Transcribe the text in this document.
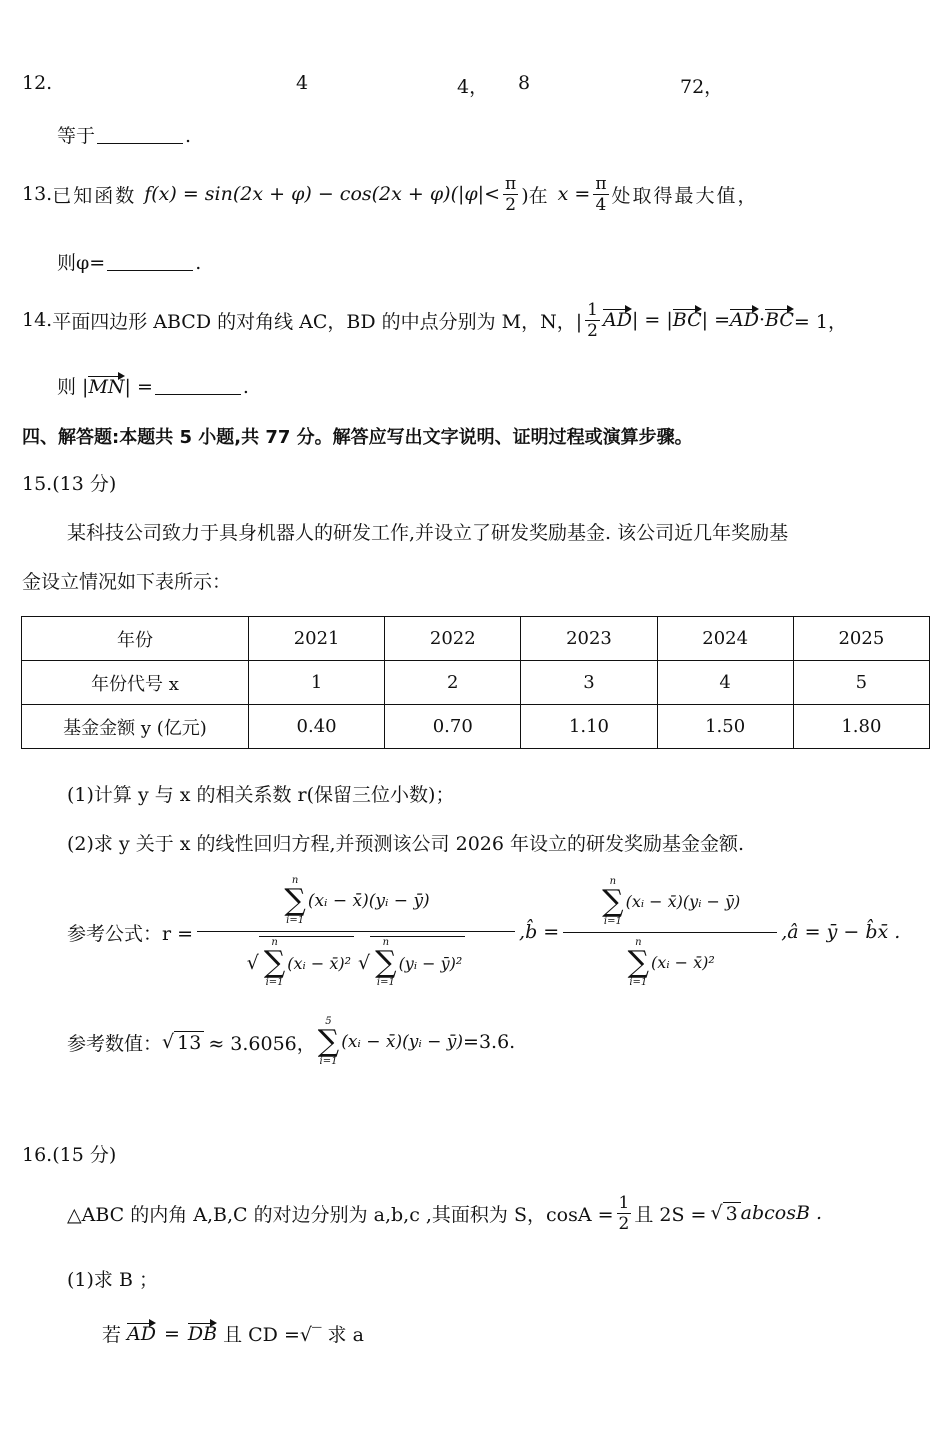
12.	4	4， 8	72，
等于	.
13. 已知函数 $f(x) = \sin(2x + \varphi) - \cos(2x + \varphi)(|\varphi|< \frac{\pi}{2}$ )在 $x = \frac{\pi}{4}$ 处取得最大值，
则φ=	.
14. 平面四边形 ABCD 的对角线 AC，BD 的中点分别为 M，N，| $\frac{1}{2}$ AD | = | BC | = AD · BC = 1，
则 |MN| =	.
四、解答题:本题共 5 小题,共 77 分。解答应写出文字说明、证明过程或演算步骤。
15.(13 分)
某科技公司致力于具身机器人的研发工作,并设立了研发奖励基金. 该公司近几年奖励基
金设立情况如下表所示：
年份	2021	2022	2023	2024	2025
年份代号 x	1	2	3	4	5
基金金额 y (亿元)	0.40	0.70	1.10	1.50	1.80
(1)计算 y 与 x 的相关系数 r(保留三位小数)；
(2)求 y 关于 x 的线性回归方程,并预测该公司 2026 年设立的研发奖励基金金额.
参考公式：r = n
∑
i=1
(xᵢ − x̄)(yᵢ − ȳ)
√
n
∑
i=1
(xᵢ − x̄)² √
n
∑
i=1
(yᵢ − ȳ)² ,b̂ = n
∑
i=1
(xᵢ − x̄)(yᵢ − ȳ)
n
∑
i=1
(xᵢ − x̄)² ,â = ȳ − b̂x̄ .
参考数值： √ 13 ≈ 3.6056，
5
∑
i=1
(xᵢ − x̄)(yᵢ − ȳ) =3.6.
16.(15 分)
△ABC 的内角 A,B,C 的对边分别为 a,b,c ,其面积为 S，$\cos A = \frac{1}{2}$ 且 2S = √ 3 abcosB .
(1)求 B ；
若 AD = DB 且 CD =√‾ 求 a
